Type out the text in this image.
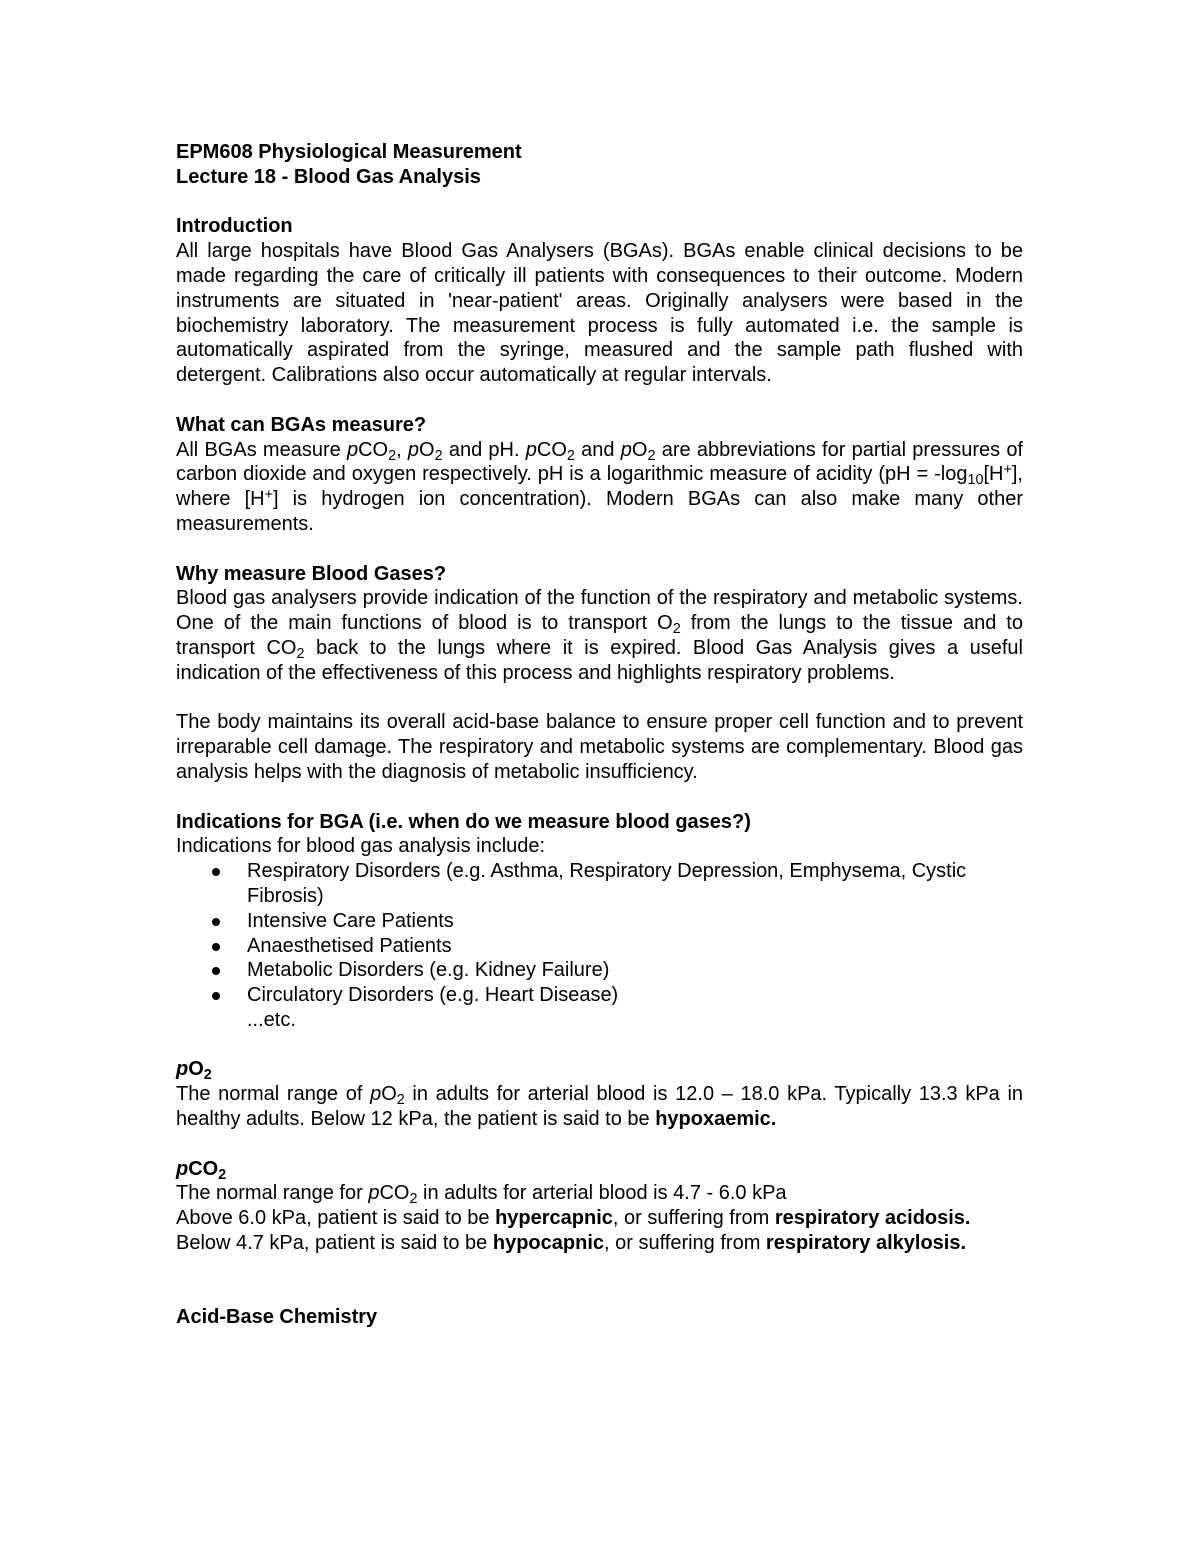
EPM608 Physiological Measurement

Lecture 18 - Blood Gas Analysis

Introduction

All large hospitals have Blood Gas Analysers (BGAs). BGAs enable clinical decisions to be made regarding the care of critically ill patients with consequences to their outcome. Modern instruments are situated in 'near-patient' areas. Originally analysers were based in the biochemistry laboratory. The measurement process is fully automated i.e. the sample is automatically aspirated from the syringe, measured and the sample path flushed with detergent. Calibrations also occur automatically at regular intervals.

What can BGAs measure?

All BGAs measure pCO$_2$, $pO_2$ and pH. pCO$_2$ and $pO_2$ are abbreviations for partial pressures of carbon dioxide and oxygen respectively. pH is a logarithmic measure of acidity ($pH = -\log_{10}[H^+]$, where [H+] is hydrogen ion concentration). Modern BGAs can also make many other measurements.

Why measure Blood Gases?

Blood gas analysers provide indication of the function of the respiratory and metabolic systems. One of the main functions of blood is to transport $O_2$ from the lungs to the tissue and to transport $CO_2$ back to the lungs where it is expired. Blood Gas Analysis gives a useful indication of the effectiveness of this process and highlights respiratory problems.

The body maintains its overall acid-base balance to ensure proper cell function and to prevent irreparable cell damage. The respiratory and metabolic systems are complementary. Blood gas analysis helps with the diagnosis of metabolic insufficiency.

Indications for BGA (i.e. when do we measure blood gases?)

Indications for blood gas analysis include:

Respiratory Disorders (e.g. Asthma, Respiratory Depression, Emphysema, Cystic Fibrosis)
Intensive Care Patients
Anaesthetised Patients
Metabolic Disorders (e.g. Kidney Failure)
Circulatory Disorders (e.g. Heart Disease)

...etc.

$pO_2$

The normal range of $pO_2$ in adults for arterial blood is 12.0 – 18.0 kPa. Typically 13.3 kPa in healthy adults. Below 12 kPa, the patient is said to be hypoxaemic.

pCO$_2$

The normal range for pCO$_2$ in adults for arterial blood is 4.7 - 6.0 kPa

Above 6.0 kPa, patient is said to be hypercapnic, or suffering from respiratory acidosis.

Below 4.7 kPa, patient is said to be hypocapnic, or suffering from respiratory alkylosis.

Acid-Base Chemistry
